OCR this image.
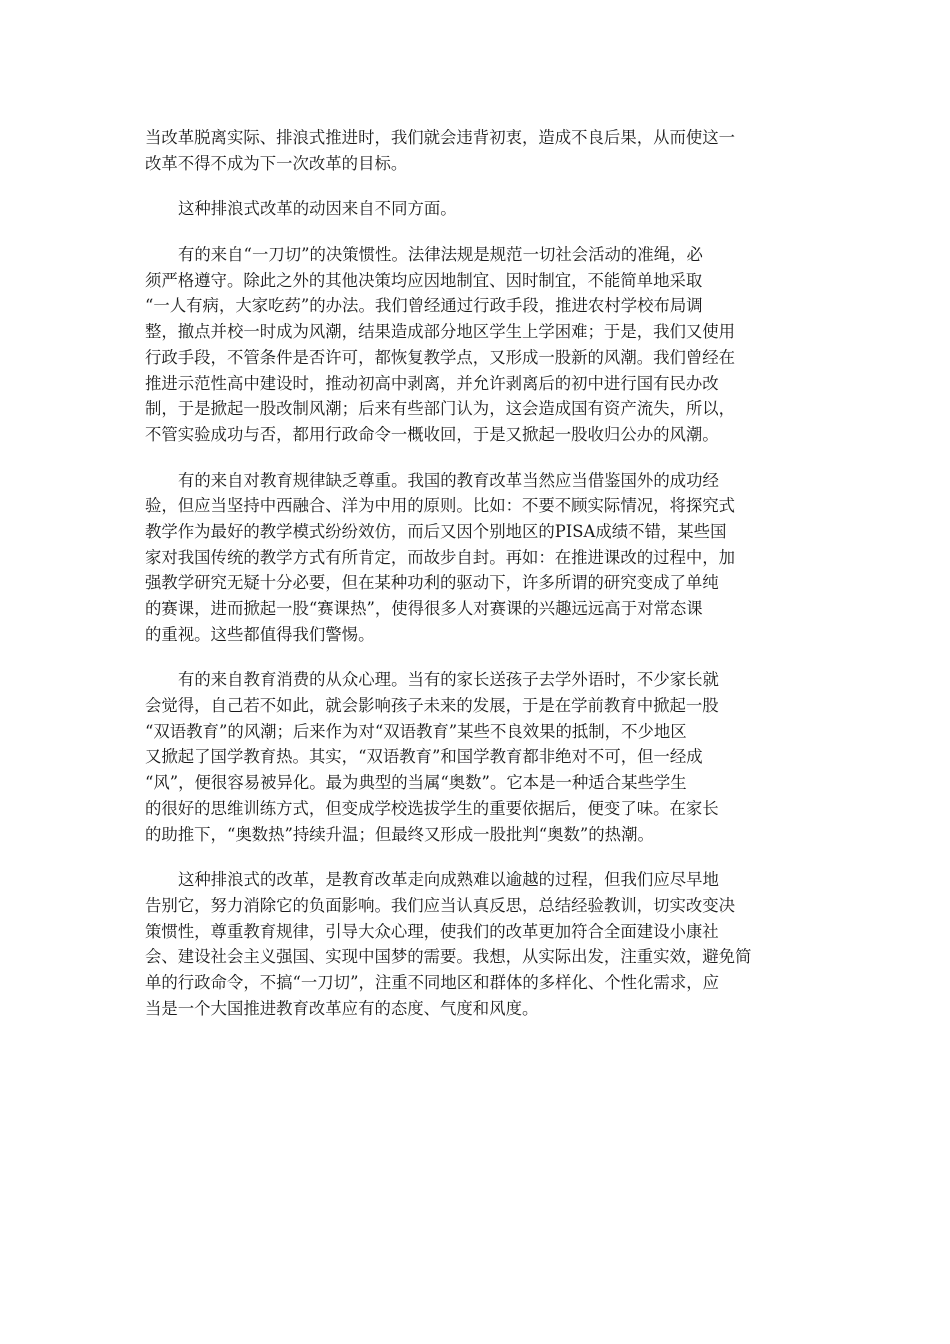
当改革脱离实际、排浪式推进时，我们就会违背初衷，造成不良后果，从而使这一
改革不得不成为下一次改革的目标。
这种排浪式改革的动因来自不同方面。
有的来自“一刀切”的决策惯性。法律法规是规范一切社会活动的准绳，必
须严格遵守。除此之外的其他决策均应因地制宜、因时制宜，不能简单地采取
“一人有病，大家吃药”的办法。我们曾经通过行政手段，推进农村学校布局调
整，撤点并校一时成为风潮，结果造成部分地区学生上学困难；于是，我们又使用
行政手段，不管条件是否许可，都恢复教学点，又形成一股新的风潮。我们曾经在
推进示范性高中建设时，推动初高中剥离，并允许剥离后的初中进行国有民办改
制，于是掀起一股改制风潮；后来有些部门认为，这会造成国有资产流失，所以，
不管实验成功与否，都用行政命令一概收回，于是又掀起一股收归公办的风潮。
有的来自对教育规律缺乏尊重。我国的教育改革当然应当借鉴国外的成功经
验，但应当坚持中西融合、洋为中用的原则。比如：不要不顾实际情况，将探究式
教学作为最好的教学模式纷纷效仿，而后又因个别地区的PISA成绩不错，某些国
家对我国传统的教学方式有所肯定，而故步自封。再如：在推进课改的过程中，加
强教学研究无疑十分必要，但在某种功利的驱动下，许多所谓的研究变成了单纯
的赛课，进而掀起一股“赛课热”，使得很多人对赛课的兴趣远远高于对常态课
的重视。这些都值得我们警惕。
有的来自教育消费的从众心理。当有的家长送孩子去学外语时，不少家长就
会觉得，自己若不如此，就会影响孩子未来的发展，于是在学前教育中掀起一股
“双语教育”的风潮；后来作为对“双语教育”某些不良效果的抵制，不少地区
又掀起了国学教育热。其实，“双语教育”和国学教育都非绝对不可，但一经成
“风”，便很容易被异化。最为典型的当属“奥数”。它本是一种适合某些学生
的很好的思维训练方式，但变成学校选拔学生的重要依据后，便变了味。在家长
的助推下，“奥数热”持续升温；但最终又形成一股批判“奥数”的热潮。
这种排浪式的改革，是教育改革走向成熟难以逾越的过程，但我们应尽早地
告别它，努力消除它的负面影响。我们应当认真反思，总结经验教训，切实改变决
策惯性，尊重教育规律，引导大众心理，使我们的改革更加符合全面建设小康社
会、建设社会主义强国、实现中国梦的需要。我想，从实际出发，注重实效，避免简
单的行政命令，不搞“一刀切”，注重不同地区和群体的多样化、个性化需求，应
当是一个大国推进教育改革应有的态度、气度和风度。
